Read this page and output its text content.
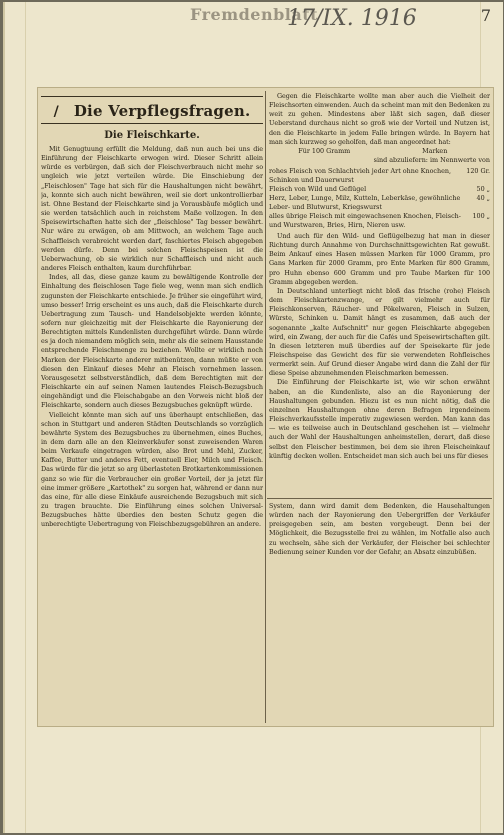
Fremdenblatt
17/IX. 1916	7
/ Die Verpflegsfragen.
Die Fleischkarte.

Mit Genugtuung erfüllt die Meldung, daß nun auch bei uns die Einführung der Fleischkarte erwogen wird. Dieser Schritt allein würde es verbürgen, daß sich der Fleischverbrauch nicht mehr so ungleich wie jetzt verteilen würde. Die Einschiebung der „Fleischlosen" Tage hat sich für die Haushaltungen nicht bewährt, ja, konnte sich auch nicht bewähren, weil sie dort unkontrollierbar ist. Ohne Bestand der Fleischkarte sind ja Vorausbäufe möglich und sie werden tatsächlich auch in reichstem Maße vollzogen. In den Speisewirtschaften hatte sich der „fleischlose" Tag besser bewährt. Nur wäre zu erwägen, ob am Mittwoch, an welchem Tage auch Schaffleisch verabreicht werden darf, faschiertes Fleisch abgegeben werden dürfe. Denn bei solchen Fleischspeisen ist die Ueberwachung, ob sie wirklich nur Schaffleisch und nicht auch anderes Fleisch enthalten, kaum durchführbar.

Indes, all das, diese ganze kaum zu bewältigende Kontrolle der Einhaltung des fleischlosen Tage fiele weg, wenn man sich endlich zugunsten der Fleischkarte entschiede. Je früher sie eingeführt wird, umso besser! Irrig erscheint es uns auch, daß die Fleischkarte durch Uebertragung zum Tausch- und Handelsobjekte werden könnte, sofern nur gleichzeitig mit der Fleischkarte die Rayonierung der Berechtigten mittels Kundenlisten durchgeführt würde. Dann würde es ja doch niemandem möglich sein, mehr als die seinem Hausstande entsprechende Fleischmenge zu beziehen. Wollte er wirklich noch Marken der Fleischkarte anderer mitbenützen, dann müßte er von diesen den Einkauf dieses Mehr an Fleisch vornehmen lassen. Vorausgesetzt selbstverständlich, daß dem Berechtigten mit der Fleischkarte ein auf seinen Namen lautendes Fleisch-Bezugsbuch eingehändigt und die Fleischabgabe an den Vorweis nicht bloß der Fleischkarte, sondern auch dieses Bezugsbuches geknüpft würde.

Vielleicht könnte man sich auf uns überhaupt entschließen, das schon in Stuttgart und anderen Städten Deutschlands so vorzüglich bewährte System des Bezugsbuches zu übernehmen, eines Buches, in dem darn alle an den Kleinverkäufer sonst zuweisenden Waren beim Verkaufe eingetragen würden, also Brot und Mehl, Zucker, Kaffee, Butter und anderes Fett, eventuell Eier, Milch und Fleisch. Das würde für die jetzt so arg überlasteten Brotkartenkommissionen ganz so wie für die Verbraucher ein großer Vorteil, der ja jetzt für eine immer größere „Kartothek" zu sorgen hat, während er dann nur das eine, für alle diese Einkäufe ausreichende Bezugsbuch mit sich zu tragen brauchte. Die Einführung eines solchen Universal-Bezugsbuches hätte überdies den besten Schutz gegen die unberechtigte Uebertragung von Fleischbezugsgebühren an andere.

Gegen die Fleischkarte wollte man aber auch die Vielheit der Fleischsorten einwenden. Auch da scheint man mit den Bedenken zu weit zu gehen. Mindestens aber läßt sich sagen, daß dieser Ueberstand durchaus nicht so groß wie der Vorteil und Nutzen ist, den die Fleischkarte in jedem Falle bringen würde. In Bayern hat man sich kurzweg so geholfen, daß man angeordnet hat:

Für 100 Gramm	Marken
sind abzuliefern: im Nennwerte von
rohes Fleisch von Schlachtvieh jeder Art ohne Knochen, Schinken und Dauerwurst	120 Gr.
Fleisch von Wild und Geflügel	50 „
Herz, Leber, Lunge, Milz, Kutteln, Leberkäse, gewöhnliche Leber- und Blutwurst, Kriegswurst	40 „
alles übrige Fleisch mit eingewachsenen Knochen, Fleisch- und Wurstwaren, Bries, Hirn, Nieren usw.	100 „

Und auch für den Wild- und Geflügelbezug hat man in dieser Richtung durch Annahme von Durchschnittsgewichten Rat gewußt. Beim Ankauf eines Hasen müssen Marken für 1000 Gramm, pro Gans Marken für 2000 Gramm, pro Ente Marken für 800 Gramm, pro Huhn ebenso 600 Gramm und pro Taube Marken für 100 Gramm abgegeben werden.

In Deutschland unterliegt nicht bloß das frische (rohe) Fleisch dem Fleischkartenzwange, er gilt vielmehr auch für Fleischkonserven, Räucher- und Pökelwaren, Fleisch in Sulzen, Würste, Schinken u. Damit hängt es zusammen, daß auch der sogenannte „kalte Aufschnitt" nur gegen Fleischkarte abgegeben wird, ein Zwang, der auch für die Cafés und Speisewirtschaften gilt. In diesen letzteren muß überdies auf der Speisekarte für jede Fleischspeise das Gewicht des für sie verwendeten Rohfleisches vermerkt sein. Auf Grund dieser Angabe wird dann die Zahl der für diese Speise abzunehmenden Fleischmarken bemessen.

Die Einführung der Fleischkarte ist, wie wir schon erwähnt haben, an die Kundenliste, also an die Rayonierung der Haushaltungen gebunden. Hiezu ist es nun nicht nötig, daß die einzelnen Haushaltungen ohne deren Befragen irgendeinem Fleischverkaufsstelle imperativ zugewiesen werden. Man kann das — wie es teilweise auch in Deutschland geschehen ist — vielmehr auch der Wahl der Haushaltungen anheimstellen, derart, daß diese selbst den Fleischer bestimmen, bei dem sie ihren Fleischeinkauf künftig decken wollen. Entscheidet man sich auch bei uns für dieses

System, dann wird damit dem Bedenken, die Hausehaltungen würden nach der Rayonierung den Uebergriffen der Verkäufer preisgegeben sein, am besten vorgebeugt. Denn bei der Möglichkeit, die Bezugsstelle frei zu wählen, im Notfalle also auch zu wechseln, sähe sich der Verkäufer, der Fleischer bei schlechter Bedienung seiner Kunden vor der Gefahr, an Absatz einzubüßen.
